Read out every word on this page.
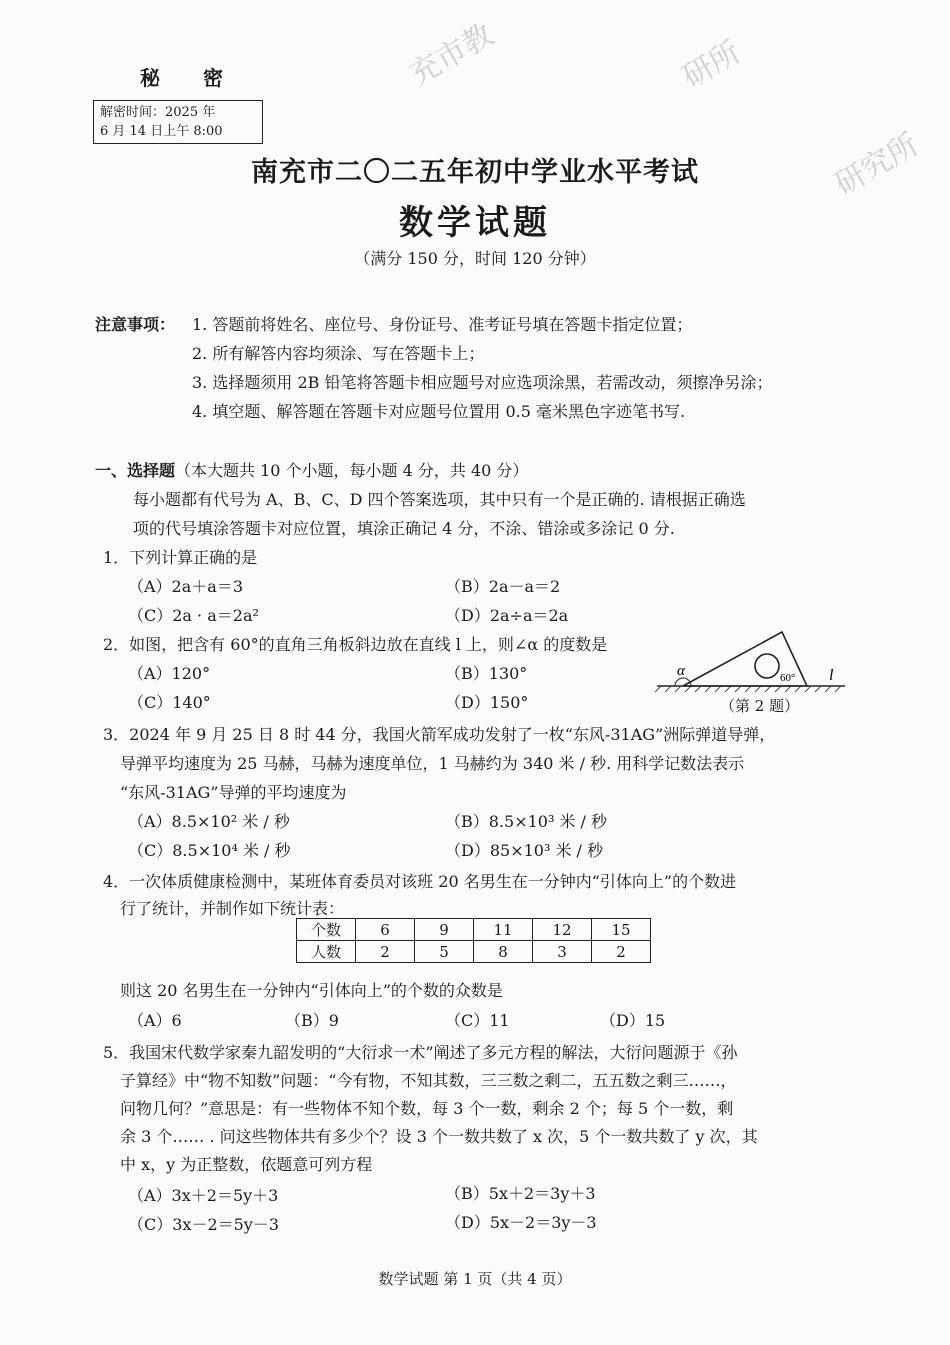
充市教	研所
研究所
秘 密
解密时间：2025 年
6 月 14 日上午 8:00
南充市二〇二五年初中学业水平考试
数学试题
（满分 150 分，时间 120 分钟）
注意事项： 1. 答题前将姓名、座位号、身份证号、准考证号填在答题卡指定位置；
2. 所有解答内容均须涂、写在答题卡上；
3. 选择题须用 2B 铅笔将答题卡相应题号对应选项涂黑，若需改动，须擦净另涂；
4. 填空题、解答题在答题卡对应题号位置用 0.5 毫米黑色字迹笔书写.
一、选择题（本大题共 10 个小题，每小题 4 分，共 40 分）
每小题都有代号为 A、B、C、D 四个答案选项，其中只有一个是正确的. 请根据正确选
项的代号填涂答题卡对应位置，填涂正确记 4 分，不涂、错涂或多涂记 0 分.
1．下列计算正确的是
（A）2a＋a＝3	（B）2a－a＝2
（C）2a · a＝2a²	（D）2a÷a＝2a
2．如图，把含有 60°的直角三角板斜边放在直线 l 上，则∠α 的度数是
（A）120°	（B）130°
（C）140°	（D）150°
α	60° l
（第 2 题）
3．2024 年 9 月 25 日 8 时 44 分，我国火箭军成功发射了一枚“东风-31AG”洲际弹道导弹，
导弹平均速度为 25 马赫，马赫为速度单位，1 马赫约为 340 米 / 秒. 用科学记数法表示
“东风-31AG”导弹的平均速度为
（A）8.5×10² 米 / 秒	（B）8.5×10³ 米 / 秒
（C）8.5×10⁴ 米 / 秒	（D）85×10³ 米 / 秒
4．一次体质健康检测中，某班体育委员对该班 20 名男生在一分钟内“引体向上”的个数进
行了统计，并制作如下统计表：
个数	6	9	11	12	15
人数	2	5	8	3	2
则这 20 名男生在一分钟内“引体向上”的个数的众数是
（A）6	（B）9	（C）11	（D）15
5．我国宋代数学家秦九韶发明的“大衍求一术”阐述了多元方程的解法，大衍问题源于《孙
子算经》中“物不知数”问题：“今有物，不知其数，三三数之剩二，五五数之剩三……，
问物几何？”意思是：有一些物体不知个数，每 3 个一数，剩余 2 个；每 5 个一数，剩
余 3 个…… . 问这些物体共有多少个？设 3 个一数共数了 x 次，5 个一数共数了 y 次，其
中 x，y 为正整数，依题意可列方程
（A）3x＋2＝5y＋3	（B）5x＋2＝3y＋3
（C）3x－2＝5y－3	（D）5x－2＝3y－3
数学试题 第 1 页（共 4 页）
